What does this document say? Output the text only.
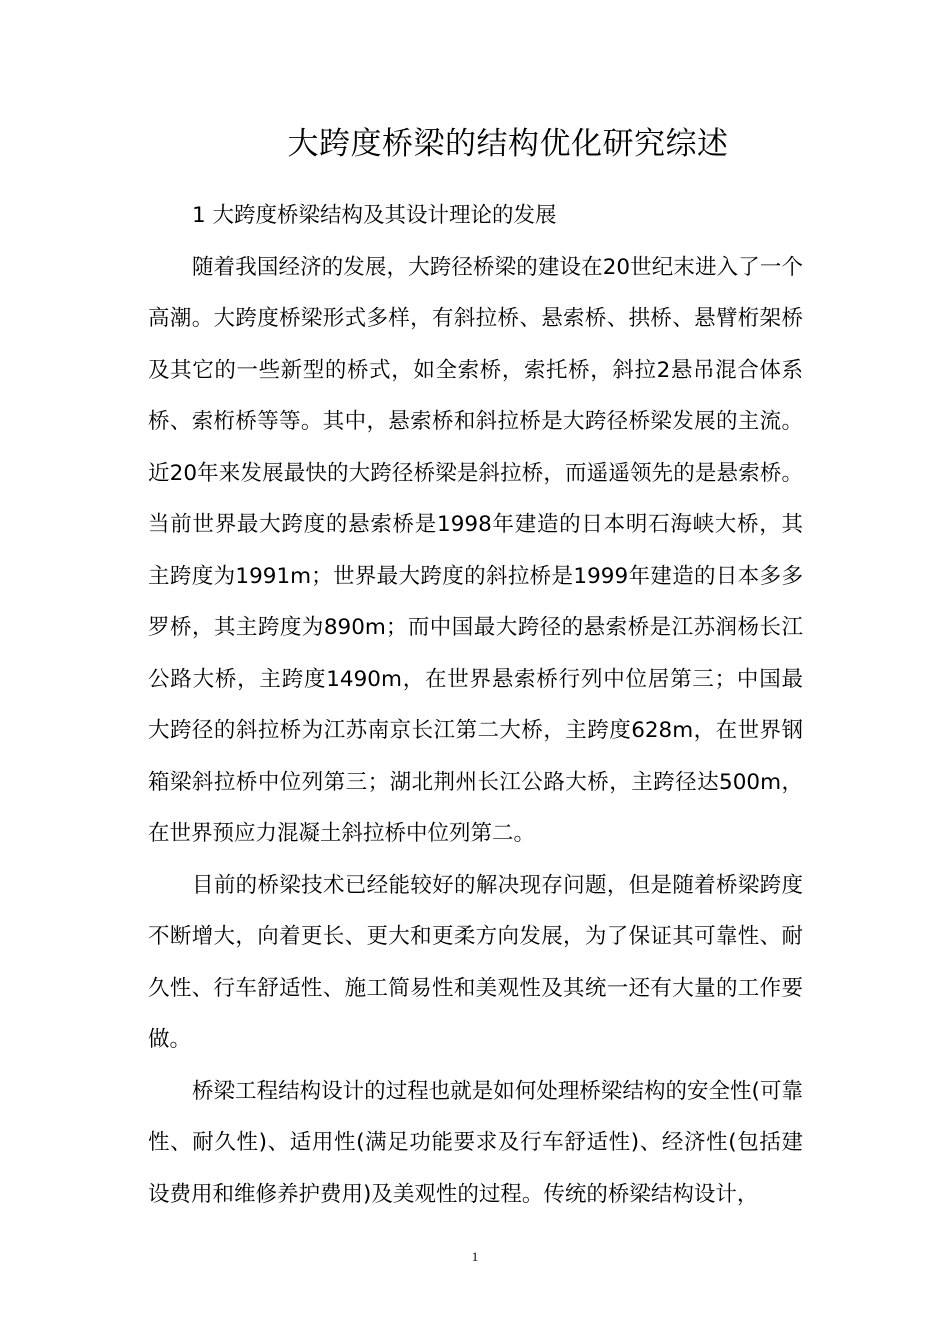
大跨度桥梁的结构优化研究综述

1 大跨度桥梁结构及其设计理论的发展

随着我国经济的发展，大跨径桥梁的建设在20世纪末进入了一个高潮。大跨度桥梁形式多样，有斜拉桥、悬索桥、拱桥、悬臂桁架桥及其它的一些新型的桥式，如全索桥，索托桥，斜拉2悬吊混合体系桥、索桁桥等等。其中，悬索桥和斜拉桥是大跨径桥梁发展的主流。近20年来发展最快的大跨径桥梁是斜拉桥，而遥遥领先的是悬索桥。当前世界最大跨度的悬索桥是1998年建造的日本明石海峡大桥，其主跨度为1991m；世界最大跨度的斜拉桥是1999年建造的日本多多罗桥，其主跨度为890m；而中国最大跨径的悬索桥是江苏润杨长江公路大桥，主跨度1490m，在世界悬索桥行列中位居第三；中国最大跨径的斜拉桥为江苏南京长江第二大桥，主跨度628m，在世界钢箱梁斜拉桥中位列第三；湖北荆州长江公路大桥，主跨径达500m，在世界预应力混凝土斜拉桥中位列第二。

目前的桥梁技术已经能较好的解决现存问题，但是随着桥梁跨度不断增大，向着更长、更大和更柔方向发展，为了保证其可靠性、耐久性、行车舒适性、施工简易性和美观性及其统一还有大量的工作要做。

桥梁工程结构设计的过程也就是如何处理桥梁结构的安全性(可靠性、耐久性)、适用性(满足功能要求及行车舒适性)、经济性(包括建设费用和维修养护费用)及美观性的过程。传统的桥梁结构设计，

1
